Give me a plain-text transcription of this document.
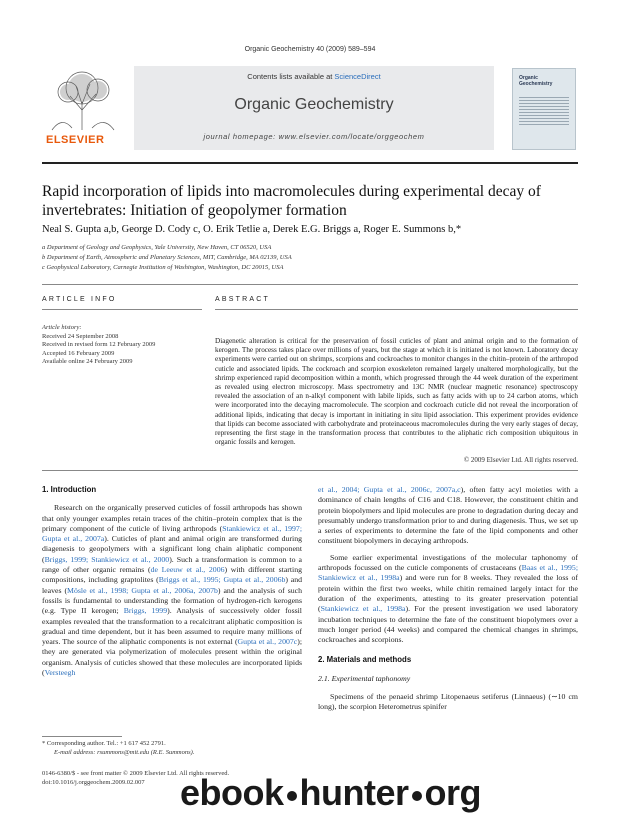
Organic Geochemistry 40 (2009) 589–594
ELSEVIER
Contents lists available at ScienceDirect
Organic Geochemistry
journal homepage: www.elsevier.com/locate/orggeochem
Organic
Geochemistry
Rapid incorporation of lipids into macromolecules during experimental decay of invertebrates: Initiation of geopolymer formation
Neal S. Gupta a,b, George D. Cody c, O. Erik Tetlie a, Derek E.G. Briggs a, Roger E. Summons b,*
a Department of Geology and Geophysics, Yale University, New Haven, CT 06520, USA
b Department of Earth, Atmospheric and Planetary Sciences, MIT, Cambridge, MA 02139, USA
c Geophysical Laboratory, Carnegie Institution of Washington, Washington, DC 20015, USA
ARTICLE INFO
Article history:
Received 24 September 2008
Received in revised form 12 February 2009
Accepted 16 February 2009
Available online 24 February 2009
ABSTRACT
Diagenetic alteration is critical for the preservation of fossil cuticles of plant and animal origin and to the formation of kerogen. The process takes place over millions of years, but the stage at which it is initiated is not known. Laboratory decay experiments were carried out on shrimps, scorpions and cockroaches to monitor changes in the chitin–protein of the arthropod cuticle and associated lipids. The cockroach and scorpion exoskeleton remained largely unaltered morphologically, but the shrimp experienced rapid decomposition within a month, which progressed through the 44 week duration of the experiment as revealed using electron microscopy. Mass spectrometry and 13C NMR (nuclear magnetic resonance) spectroscopy revealed the association of an n-alkyl component with labile lipids, such as fatty acids with up to 24 carbon atoms, which were incorporated into the decaying macromolecule. The scorpion and cockroach cuticle did not reveal the incorporation of additional lipids, indicating that decay is important in initiating in situ lipid association. This experiment provides evidence that lipids can become associated with carbohydrate and proteinaceous macromolecules during the very early stages of decay, representing the first stage in the transformation process that contributes to the aliphatic rich composition ubiquitous in organic fossils and kerogen.
© 2009 Elsevier Ltd. All rights reserved.
1. Introduction

Research on the organically preserved cuticles of fossil arthropods has shown that only younger examples retain traces of the chitin–protein complex that is the primary component of the cuticle of living arthropods (Stankiewicz et al., 1997; Gupta et al., 2007a). Cuticles of plant and animal origin are transformed during diagenesis to geopolymers with a significant long chain aliphatic component (Briggs, 1999; Stankiewicz et al., 2000). Such a transformation is common to a range of other organic remains (de Leeuw et al., 2006) with different starting compositions, including graptolites (Briggs et al., 1995; Gupta et al., 2006b) and leaves (Mösle et al., 1998; Gupta et al., 2006a, 2007b) and the analysis of such fossils is fundamental to understanding the formation of hydrogen-rich kerogens (e.g. Type II kerogen; Briggs, 1999). Analysis of successively older fossil examples revealed that the transformation to a recalcitrant aliphatic composition is gradual and time dependent, but it has been assumed to require many millions of years. The source of the aliphatic components is not external (Gupta et al., 2007c); they are generated via polymerization of molecules present within the original organism. Analysis of cuticles showed that these molecules are incorporated lipids (Versteegh

et al., 2004; Gupta et al., 2006c, 2007a,c), often fatty acyl moieties with a dominance of chain lengths of C16 and C18. However, the constituent chitin and protein biopolymers and lipid molecules are prone to degradation during decay and presumably undergo transformation prior to and during diagenesis. Thus, we set up a series of experiments to determine the fate of the lipid components and other constituent biopolymers in decaying arthropods.

Some earlier experimental investigations of the molecular taphonomy of arthropods focussed on the cuticle components of crustaceans (Baas et al., 1995; Stankiewicz et al., 1998a) and were run for 8 weeks. They revealed the loss of protein within the first two weeks, while chitin remained largely intact for the duration of the experiments, attesting to its greater preservation potential (Stankiewicz et al., 1998a). For the present investigation we used laboratory incubation techniques to determine the fate of the constituent biopolymers over a much longer period (44 weeks) and compared the chemical changes in shrimps, cockroaches and scorpions.

2. Materials and methods
2.1. Experimental taphonomy

Specimens of the penaeid shrimp Litopenaeus setiferus (Linnaeus) (∼10 cm long), the scorpion Heterometrus spinifer

* Corresponding author. Tel.: +1 617 452 2791.
E-mail address: rsummons@mit.edu (R.E. Summons).
0146-6380/$ - see front matter © 2009 Elsevier Ltd. All rights reserved.
doi:10.1016/j.orggeochem.2009.02.007 ebook hunter org
